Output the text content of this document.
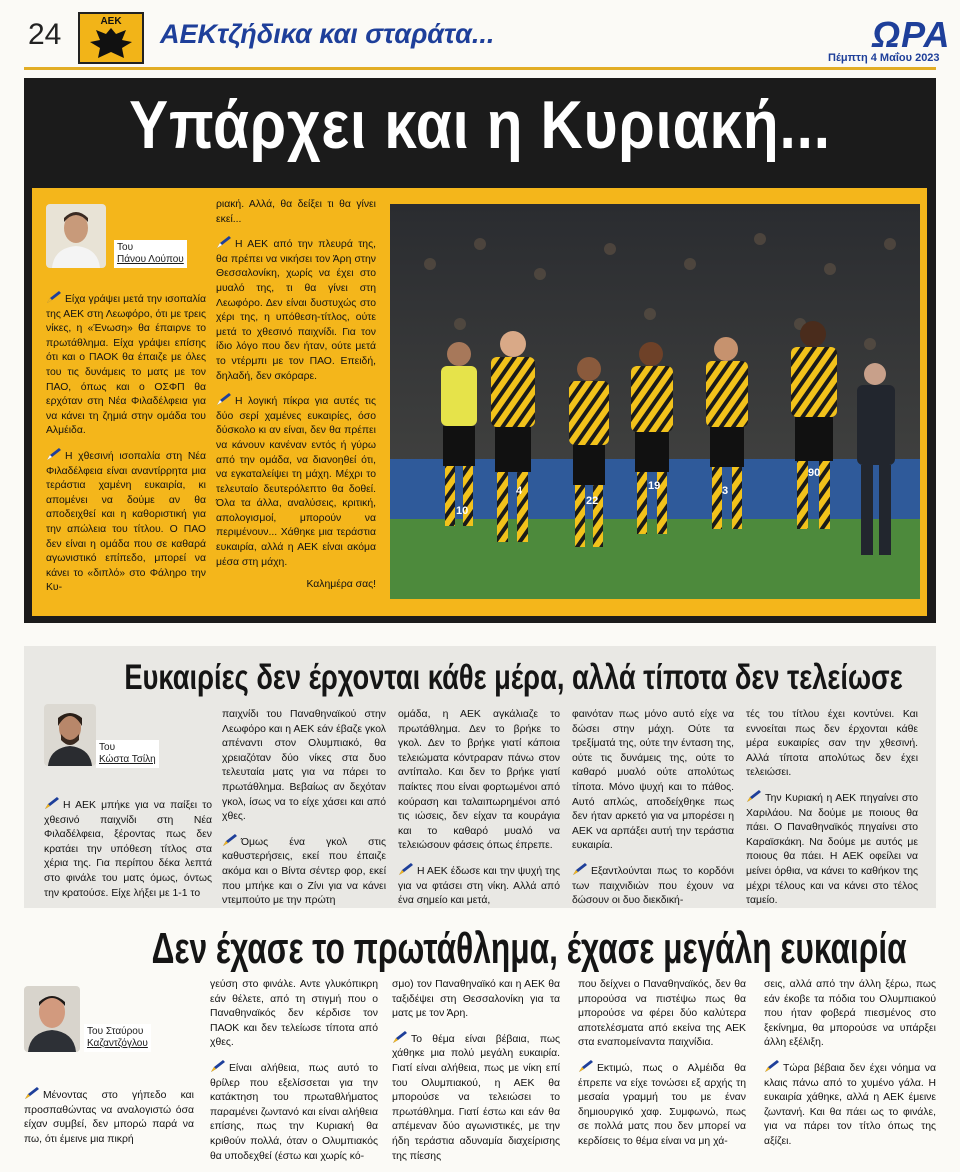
24	ΑΕΚ ΑΕΚτζήδικα και σταράτα...	ΩΡΑ
Πέμπτη 4 Μαΐου 2023
Υπάρχει και η Κυριακή...
Του
Πάνου Λούπου

Είχα γράψει μετά την ισοπαλία της ΑΕΚ στη Λεωφόρο, ότι με τρεις νίκες, η «Ένωση» θα έπαιρνε το πρωτάθλημα. Είχα γράψει επίσης ότι και ο ΠΑΟΚ θα έπαιζε με όλες του τις δυνάμεις το ματς με τον ΠΑΟ, όπως και ο ΟΣΦΠ θα ερχόταν στη Νέα Φιλαδέλφεια για να κάνει τη ζημιά στην ομάδα του Αλμέιδα.

Η χθεσινή ισοπαλία στη Νέα Φιλαδέλφεια είναι αναντίρρητα μια τεράστια χαμένη ευκαιρία, κι απομένει να δούμε αν θα αποδειχθεί και η καθοριστική για την απώλεια του τίτλου. Ο ΠΑΟ δεν είναι η ομάδα που σε καθαρά αγωνιστικό επίπεδο, μπορεί να κάνει το «διπλό» στο Φάληρο την Κυ-

ριακή. Αλλά, θα δείξει τι θα γίνει εκεί...

Η ΑΕΚ από την πλευρά της, θα πρέπει να νικήσει τον Άρη στην Θεσσαλονίκη, χωρίς να έχει στο μυαλό της, τι θα γίνει στη Λεωφόρο. Δεν είναι δυστυχώς στο χέρι της, η υπόθεση-τίτλος, ούτε μετά το χθεσινό παιχνίδι. Για τον ίδιο λόγο που δεν ήταν, ούτε μετά το ντέρμπι με τον ΠΑΟ. Επειδή, δηλαδή, δεν σκόραρε.

Η λογική πίκρα για αυτές τις δύο σερί χαμένες ευκαιρίες, όσο δύσκολο κι αν είναι, δεν θα πρέπει να κάνουν κανέναν εντός ή γύρω από την ομάδα, να διανοηθεί ότι, να εγκαταλείψει τη μάχη. Μέχρι το τελευταίο δευτερόλεπτο θα δοθεί. Όλα τα άλλα, αναλύσεις, κριτική, απολογισμοί, μπορούν να περιμένουν... Χάθηκε μια τεράστια ευκαιρία, αλλά η ΑΕΚ είναι ακόμα μέσα στη μάχη.

Καλημέρα σας!

10
4
22
19	3
90
Ευκαιρίες δεν έρχονται κάθε μέρα, αλλά τίποτα δεν τελείωσε
Του
Κώστα Τσίλη

Η ΑΕΚ μπήκε για να παίξει το χθεσινό παιχνίδι στη Νέα Φιλαδέλφεια, ξέροντας πως δεν κρατάει την υπόθεση τίτλος στα χέρια της. Για περίπου δέκα λεπτά στο φινάλε του ματς όμως, όντως την κρατούσε. Είχε λήξει με 1-1 το

παιχνίδι του Παναθηναϊκού στην Λεωφόρο και η ΑΕΚ εάν έβαζε γκολ απέναντι στον Ολυμπιακό, θα χρειαζόταν δύο νίκες στα δυο τελευταία ματς για να πάρει το πρωτάθλημα. Βεβαίως αν δεχόταν γκολ, ίσως να το είχε χάσει και από χθες.

Όμως ένα γκολ στις καθυστερήσεις, εκεί που έπαιζε ακόμα και ο Βίντα σέντερ φορ, εκεί που μπήκε και ο Ζίνι για να κάνει ντεμπούτο με την πρώτη

ομάδα, η ΑΕΚ αγκάλιαζε το πρωτάθλημα. Δεν το βρήκε το γκολ. Δεν το βρήκε γιατί κάποια τελειώματα κόντραραν πάνω στον αντίπαλο. Και δεν το βρήκε γιατί παίκτες που είναι φορτωμένοι από κούραση και ταλαιπωρημένοι από τις ιώσεις, δεν είχαν τα κουράγια και το καθαρό μυαλό να τελειώσουν φάσεις όπως έπρεπε.

Η ΑΕΚ έδωσε και την ψυχή της για να φτάσει στη νίκη. Αλλά από ένα σημείο και μετά,

φαινόταν πως μόνο αυτό είχε να δώσει στην μάχη. Ούτε τα τρεξίματά της, ούτε την ένταση της, ούτε τις δυνάμεις της, ούτε το καθαρό μυαλό ούτε απολύτως τίποτα. Μόνο ψυχή και το πάθος. Αυτό απλώς, αποδείχθηκε πως δεν ήταν αρκετό για να μπορέσει η ΑΕΚ να αρπάξει αυτή την τεράστια ευκαιρία.

Εξαντλούνται πως το κορδόνι των παιχνιδιών που έχουν να δώσουν οι δυο διεκδική-

τές του τίτλου έχει κοντύνει. Και εννοείται πως δεν έρχονται κάθε μέρα ευκαιρίες σαν την χθεσινή. Αλλά τίποτα απολύτως δεν έχει τελειώσει.

Την Κυριακή η ΑΕΚ πηγαίνει στο Χαριλάου. Να δούμε με ποιους θα πάει. Ο Παναθηναϊκός πηγαίνει στο Καραϊσκάκη. Να δούμε με αυτός με ποιους θα πάει. Η ΑΕΚ οφείλει να μείνει όρθια, να κάνει το καθήκον της μέχρι τέλους και να κάνει στο τέλος ταμείο.

Δεν έχασε το πρωτάθλημα, έχασε μεγάλη ευκαιρία
Του Σταύρου
Καζαντζόγλου

Μένοντας στο γήπεδο και προσπαθώντας να αναλογιστώ όσα είχαν συμβεί, δεν μπορώ παρά να πω, ότι έμεινε μια πικρή

γεύση στο φινάλε. Αντε γλυκόπικρη εάν θέλετε, από τη στιγμή που ο Παναθηναϊκός δεν κέρδισε τον ΠΑΟΚ και δεν τελείωσε τίποτα από χθες.

Είναι αλήθεια, πως αυτό το θρίλερ που εξελίσσεται για την κατάκτηση του πρωταθλήματος παραμένει ζωντανό και είναι αλήθεια επίσης, πως την Κυριακή θα κριθούν πολλά, όταν ο Ολυμπιακός θα υποδεχθεί (έστω και χωρίς κό-

σμο) τον Παναθηναϊκό και η ΑΕΚ θα ταξιδέψει στη Θεσσαλονίκη για τα ματς με τον Άρη.

Το θέμα είναι βέβαια, πως χάθηκε μια πολύ μεγάλη ευκαιρία. Γιατί είναι αλήθεια, πως με νίκη επί του Ολυμπιακού, η ΑΕΚ θα μπορούσε να τελειώσει το πρωτάθλημα. Γιατί έστω και εάν θα απέμεναν δύο αγωνιστικές, με την ήδη τεράστια αδυναμία διαχείρισης της πίεσης

που δείχνει ο Παναθηναϊκός, δεν θα μπορούσα να πιστέψω πως θα μπορούσε να φέρει δύο καλύτερα αποτελέσματα από εκείνα της ΑΕΚ στα εναπομείναντα παιχνίδια.

Εκτιμώ, πως ο Αλμέιδα θα έπρεπε να είχε τονώσει εξ αρχής τη μεσαία γραμμή του με έναν δημιουργικό χαφ. Συμφωνώ, πως σε πολλά ματς που δεν μπορεί να κερδίσεις το θέμα είναι να μη χά-

σεις, αλλά από την άλλη ξέρω, πως εάν έκοβε τα πόδια του Ολυμπιακού που ήταν φοβερά πιεσμένος στο ξεκίνημα, θα μπορούσε να υπάρξει άλλη εξέλιξη.

Τώρα βέβαια δεν έχει νόημα να κλαις πάνω από το χυμένο γάλα. Η ευκαιρία χάθηκε, αλλά η ΑΕΚ έμεινε ζωντανή. Και θα πάει ως το φινάλε, για να πάρει τον τίτλο όπως της αξίζει.
